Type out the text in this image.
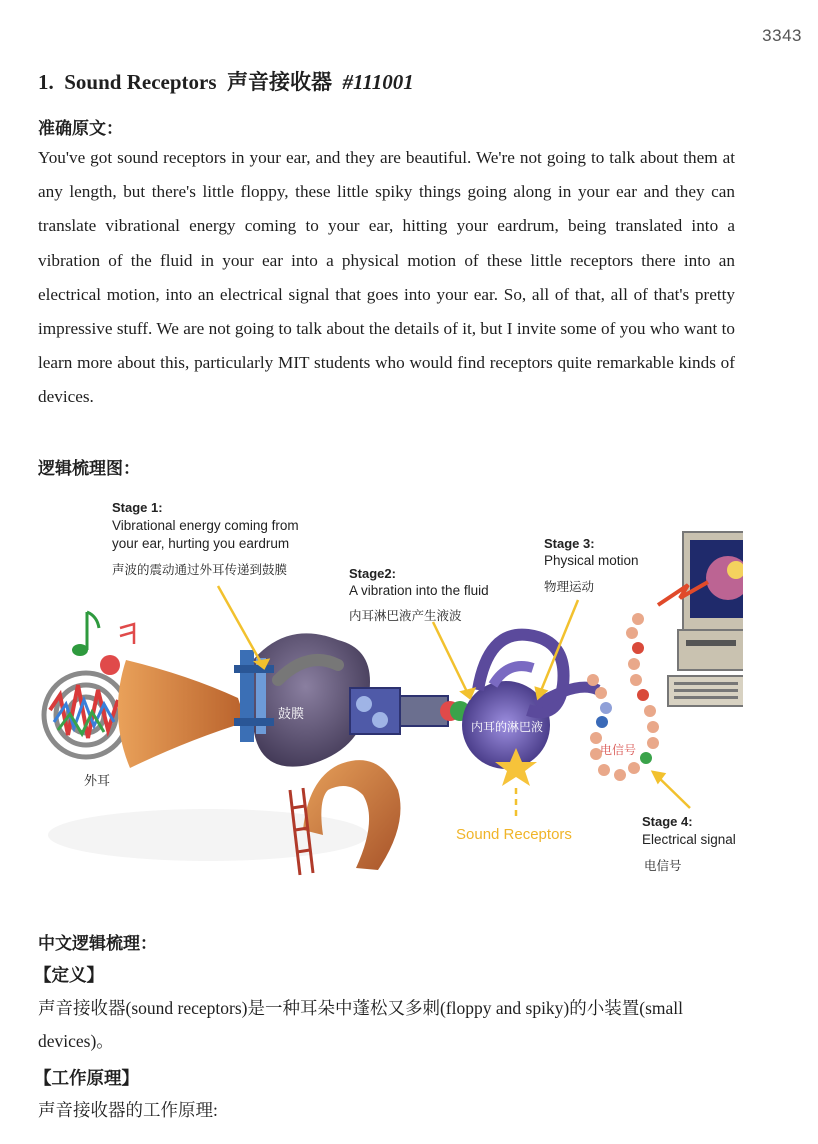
3343
1. Sound Receptors 声音接收器 #111001
准确原文：

You've got sound receptors in your ear, and they are beautiful. We're not going to talk about them at any length, but there's little floppy, these little spiky things going along in your ear and they can translate vibrational energy coming to your ear, hitting your eardrum, being translated into a vibration of the fluid in your ear into a physical motion of these little receptors there into an electrical motion, into an electrical signal that goes into your ear. So, all of that, all of that's pretty impressive stuff. We are not going to talk about the details of it, but I invite some of you who want to learn more about this, particularly MIT students who would find receptors quite remarkable kinds of devices.

逻辑梳理图：
Stage 1:
Vibrational energy coming from
your ear, hurting you eardrum
声波的震动通过外耳传递到鼓膜	Stage2:
A vibration into the fluid
内耳淋巴液产生液波
Stage 3:
Physical motion
物理运动
Stage 4:
Electrical signal
电信号
外耳
鼓膜
内耳的淋巴液
电信号
Sound Receptors
中文逻辑梳理：
【定义】

声音接收器(sound receptors)是一种耳朵中蓬松又多刺(floppy and spiky)的小装置(small devices)。

【工作原理】

声音接收器的工作原理:
